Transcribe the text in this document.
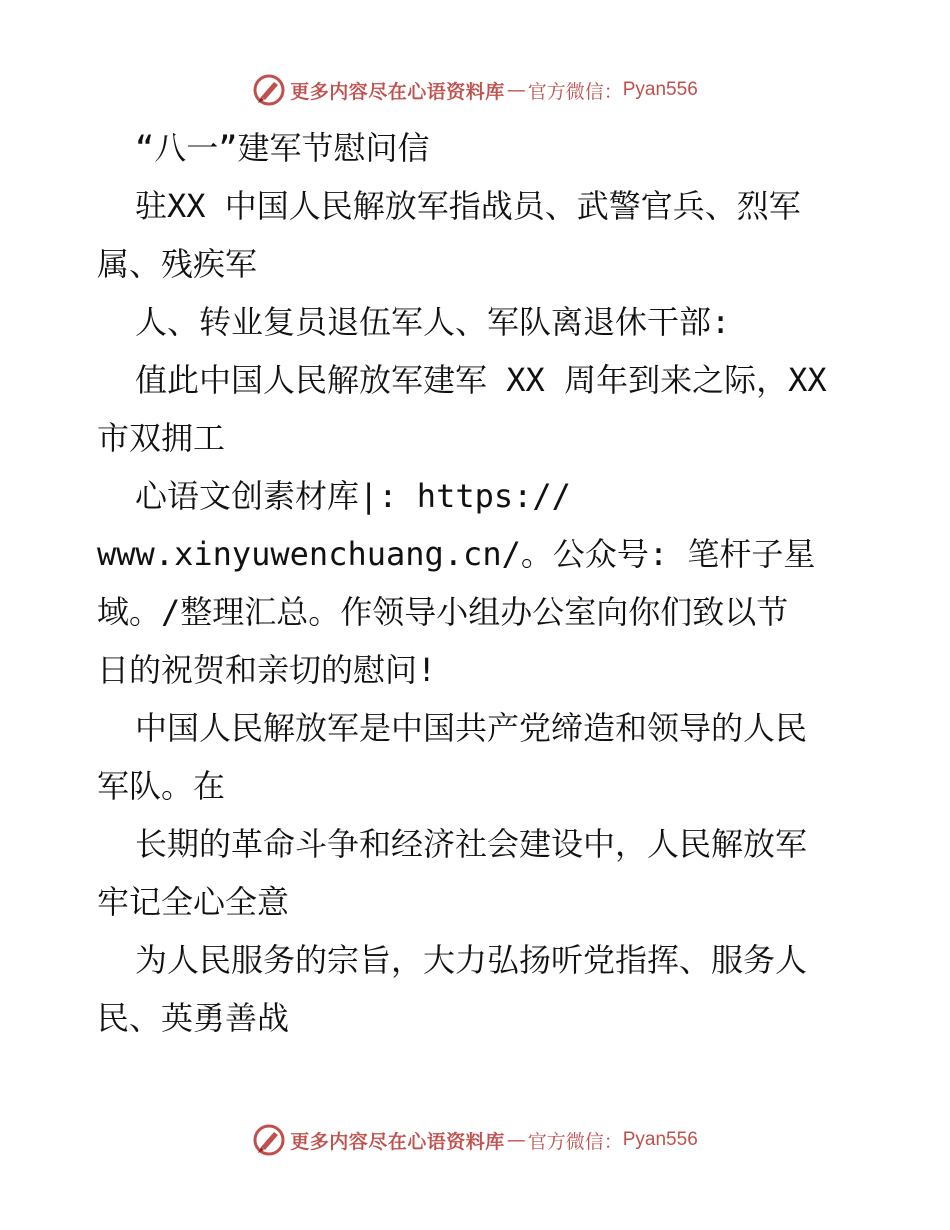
更多内容尽在心语资料库 — 官方微信： Pyan556
“八一”建军节慰问信
驻XX 中国人民解放军指战员、武警官兵、烈军
属、残疾军
人、转业复员退伍军人、军队离退休干部:
值此中国人民解放军建军 XX 周年到来之际，XX
市双拥工
心语文创素材库|: https://
www.xinyuwenchuang.cn/。公众号: 笔杆子星
域。/整理汇总。作领导小组办公室向你们致以节
日的祝贺和亲切的慰问!
中国人民解放军是中国共产党缔造和领导的人民
军队。在
长期的革命斗争和经济社会建设中，人民解放军
牢记全心全意
为人民服务的宗旨，大力弘扬听党指挥、服务人
民、英勇善战
更多内容尽在心语资料库 — 官方微信： Pyan556
